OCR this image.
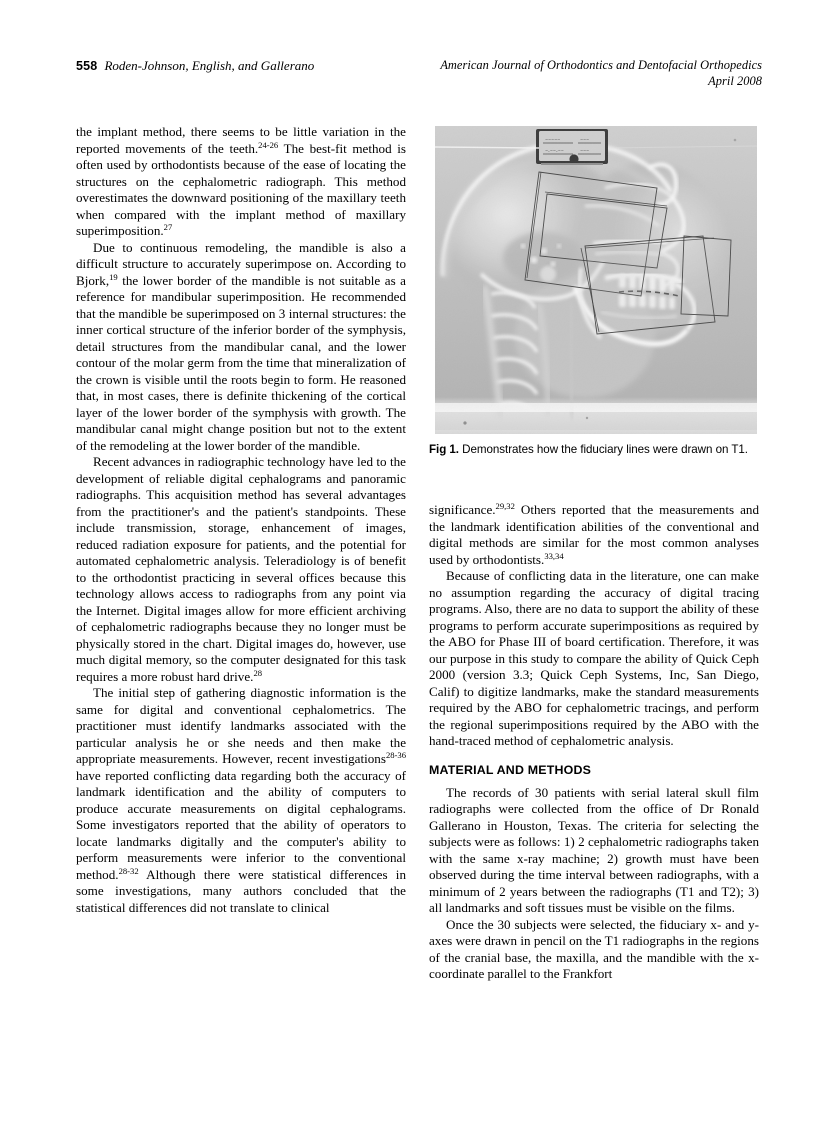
558 Roden-Johnson, English, and Gallerano	American Journal of Orthodontics and Dentofacial Orthopedics
April 2008
Fig 1. Demonstrates how the fiduciary lines were drawn on T1.

the implant method, there seems to be little variation in the reported movements of the teeth.$^{24-26}$ The best-fit method is often used by orthodontists because of the ease of locating the structures on the cephalometric radiograph. This method overestimates the downward positioning of the maxillary teeth when compared with the implant method of maxillary superimposition.$^{27}$

Due to continuous remodeling, the mandible is also a difficult structure to accurately superimpose on. According to Bjork,$^{19}$ the lower border of the mandible is not suitable as a reference for mandibular superimposition. He recommended that the mandible be superimposed on 3 internal structures: the inner cortical structure of the inferior border of the symphysis, detail structures from the mandibular canal, and the lower contour of the molar germ from the time that mineralization of the crown is visible until the roots begin to form. He reasoned that, in most cases, there is definite thickening of the cortical layer of the lower border of the symphysis with growth. The mandibular canal might change position but not to the extent of the remodeling at the lower border of the mandible.

Recent advances in radiographic technology have led to the development of reliable digital cephalograms and panoramic radiographs. This acquisition method has several advantages from the practitioner's and the patient's standpoints. These include transmission, storage, enhancement of images, reduced radiation exposure for patients, and the potential for automated cephalometric analysis. Teleradiology is of benefit to the orthodontist practicing in several offices because this technology allows access to radiographs from any point via the Internet. Digital images allow for more efficient archiving of cephalometric radiographs because they no longer must be physically stored in the chart. Digital images do, however, use much digital memory, so the computer designated for this task requires a more robust hard drive.$^{28}$

The initial step of gathering diagnostic information is the same for digital and conventional cephalometrics. The practitioner must identify landmarks associated with the particular analysis he or she needs and then make the appropriate measurements. However, recent investigations$^{28-36}$ have reported conflicting data regarding both the accuracy of landmark identification and the ability of computers to produce accurate measurements on digital cephalograms. Some investigators reported that the ability of operators to locate landmarks digitally and the computer's ability to perform measurements were inferior to the conventional method.$^{28-32}$ Although there were statistical differences in some investigations, many authors concluded that the statistical differences did not translate to clinical

significance.$^{29,32}$ Others reported that the measurements and the landmark identification abilities of the conventional and digital methods are similar for the most common analyses used by orthodontists.$^{33,34}$

Because of conflicting data in the literature, one can make no assumption regarding the accuracy of digital tracing programs. Also, there are no data to support the ability of these programs to perform accurate superimpositions as required by the ABO for Phase III of board certification. Therefore, it was our purpose in this study to compare the ability of Quick Ceph 2000 (version 3.3; Quick Ceph Systems, Inc, San Diego, Calif) to digitize landmarks, make the standard measurements required by the ABO for cephalometric tracings, and perform the regional superimpositions required by the ABO with the hand-traced method of cephalometric analysis.

MATERIAL AND METHODS

The records of 30 patients with serial lateral skull film radiographs were collected from the office of Dr Ronald Gallerano in Houston, Texas. The criteria for selecting the subjects were as follows: 1) 2 cephalometric radiographs taken with the same x-ray machine; 2) growth must have been observed during the time interval between radiographs, with a minimum of 2 years between the radiographs (T1 and T2); 3) all landmarks and soft tissues must be visible on the films.

Once the 30 subjects were selected, the fiduciary x- and y-axes were drawn in pencil on the T1 radiographs in the regions of the cranial base, the maxilla, and the mandible with the x-coordinate parallel to the Frankfort
